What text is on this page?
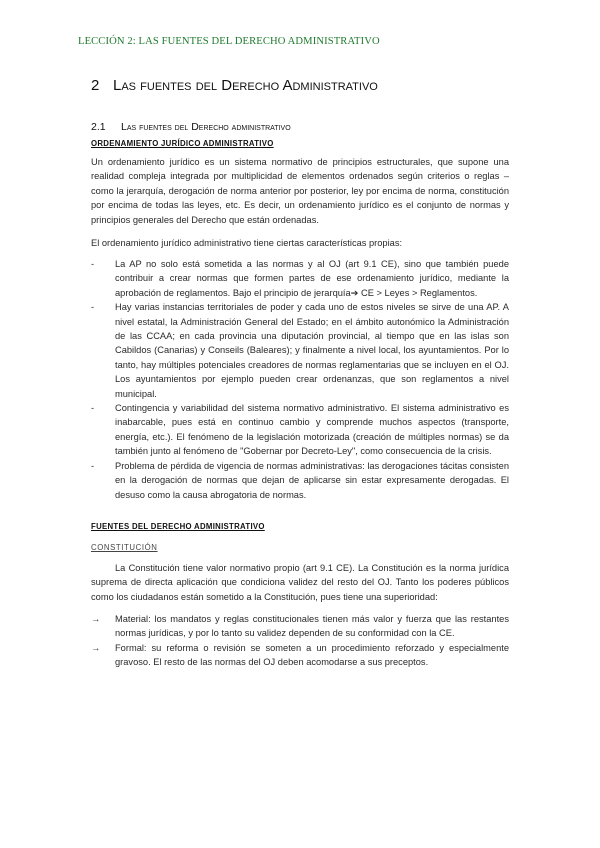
LECCIÓN 2: LAS FUENTES DEL DERECHO ADMINISTRATIVO
2 Las fuentes del Derecho Administrativo
2.1 Las fuentes del Derecho administrativo
ORDENAMIENTO JURÍDICO ADMINISTRATIVO
Un ordenamiento jurídico es un sistema normativo de principios estructurales, que supone una realidad compleja integrada por multiplicidad de elementos ordenados según criterios o reglas – como la jerarquía, derogación de norma anterior por posterior, ley por encima de norma, constitución por encima de todas las leyes, etc. Es decir, un ordenamiento jurídico es el conjunto de normas y principios generales del Derecho que están ordenadas.
El ordenamiento jurídico administrativo tiene ciertas características propias:
- La AP no solo está sometida a las normas y al OJ (art 9.1 CE), sino que también puede contribuir a crear normas que formen partes de ese ordenamiento jurídico, mediante la aprobación de reglamentos. Bajo el principio de jerarquía➔ CE > Leyes > Reglamentos.
- Hay varias instancias territoriales de poder y cada uno de estos niveles se sirve de una AP. A nivel estatal, la Administración General del Estado; en el ámbito autonómico la Administración de las CCAA; en cada provincia una diputación provincial, al tiempo que en las islas son Cabildos (Canarias) y Conseils (Baleares); y finalmente a nivel local, los ayuntamientos. Por lo tanto, hay múltiples potenciales creadores de normas reglamentarias que se incluyen en el OJ. Los ayuntamientos por ejemplo pueden crear ordenanzas, que son reglamentos a nivel municipal.
- Contingencia y variabilidad del sistema normativo administrativo. El sistema administrativo es inabarcable, pues está en continuo cambio y comprende muchos aspectos (transporte, energía, etc.). El fenómeno de la legislación motorizada (creación de múltiples normas) se da también junto al fenómeno de "Gobernar por Decreto-Ley", como consecuencia de la crisis.
- Problema de pérdida de vigencia de normas administrativas: las derogaciones tácitas consisten en la derogación de normas que dejan de aplicarse sin estar expresamente derogadas. El desuso como la causa abrogatoria de normas.
FUENTES DEL DERECHO ADMINISTRATIVO
CONSTITUCIÓN
La Constitución tiene valor normativo propio (art 9.1 CE). La Constitución es la norma jurídica suprema de directa aplicación que condiciona validez del resto del OJ. Tanto los poderes públicos como los ciudadanos están sometido a la Constitución, pues tiene una superioridad:
→ Material: los mandatos y reglas constitucionales tienen más valor y fuerza que las restantes normas jurídicas, y por lo tanto su validez dependen de su conformidad con la CE.
→ Formal: su reforma o revisión se someten a un procedimiento reforzado y especialmente gravoso. El resto de las normas del OJ deben acomodarse a sus preceptos.
